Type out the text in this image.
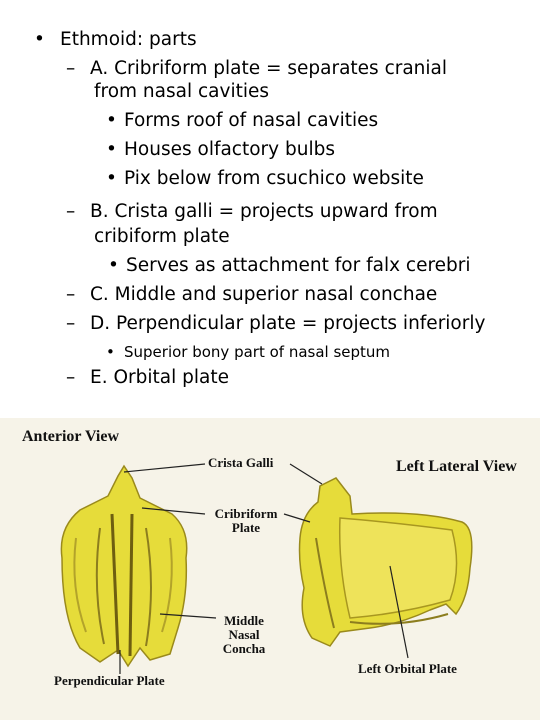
• Ethmoid: parts
– A. Cribriform plate = separates cranial
from nasal cavities
• Forms roof of nasal cavities
• Houses olfactory bulbs
• Pix below from csuchico website
– B. Crista galli = projects upward from
cribiform plate
• Serves as attachment for falx cerebri
– C. Middle and superior nasal conchae
– D. Perpendicular plate = projects inferiorly
• Superior bony part of nasal septum
– E. Orbital plate
Anterior View
Left Lateral View
Crista Galli
Cribriform
Plate
Middle
Nasal
Concha
Perpendicular Plate
Left Orbital Plate
